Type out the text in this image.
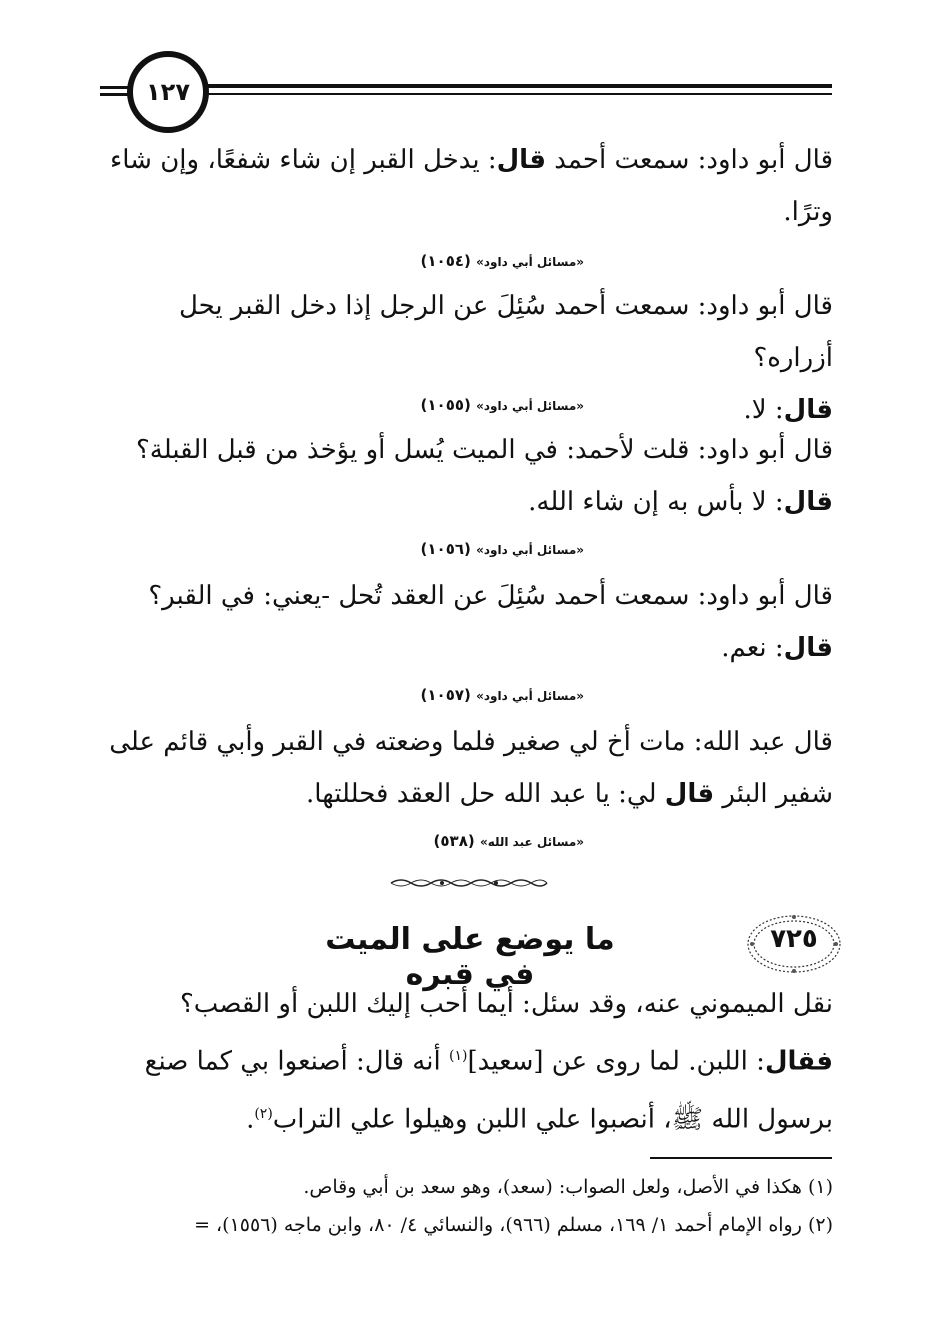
١٢٧
قال أبو داود: سمعت أحمد قال: يدخل القبر إن شاء شفعًا، وإن شاء
وترًا.
«مسائل أبي داود» (١٠٥٤)
قال أبو داود: سمعت أحمد سُئِلَ عن الرجل إذا دخل القبر يحل أزراره؟
قال: لا.
«مسائل أبي داود» (١٠٥٥)
قال أبو داود: قلت لأحمد: في الميت يُسل أو يؤخذ من قبل القبلة؟
قال: لا بأس به إن شاء الله.
«مسائل أبي داود» (١٠٥٦)
قال أبو داود: سمعت أحمد سُئِلَ عن العقد تُحل -يعني: في القبر؟
قال: نعم.
«مسائل أبي داود» (١٠٥٧)
قال عبد الله: مات أخ لي صغير فلما وضعته في القبر وأبي قائم على
شفير البئر قال لي: يا عبد الله حل العقد فحللتها.
«مسائل عبد الله» (٥٣٨)
٧٢٥
ما يوضع على الميت في قبره
نقل الميموني عنه، وقد سئل: أيما أحب إليك اللبن أو القصب؟
فقال: اللبن. لما روى عن [سعيد]$^{(١)}$ أنه قال: أصنعوا بي كما صنع
برسول الله ﷺ، أنصبوا علي اللبن وهيلوا علي التراب$^{(٢)}$.
(١) هكذا في الأصل، ولعل الصواب: (سعد)، وهو سعد بن أبي وقاص.
(٢) رواه الإمام أحمد ١/ ١٦٩، مسلم (٩٦٦)، والنسائي ٤/ ٨٠، وابن ماجه (١٥٥٦)، =
